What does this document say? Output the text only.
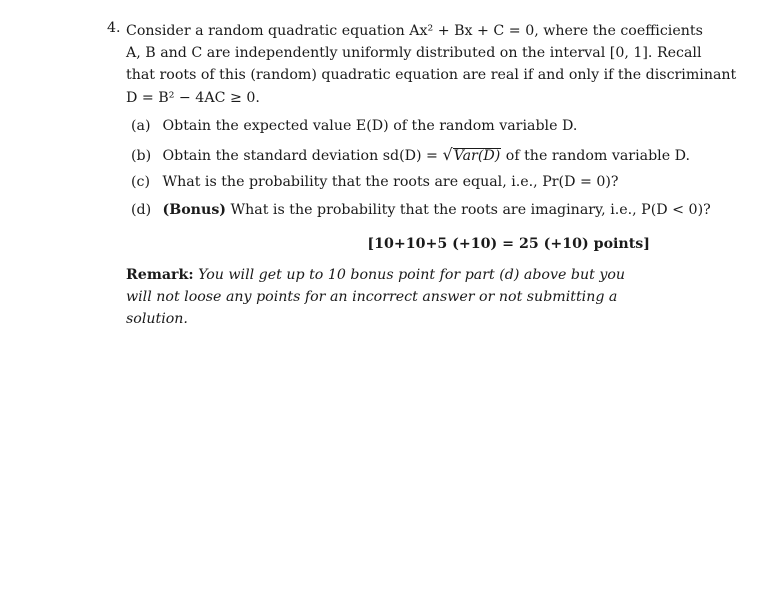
4. Consider a random quadratic equation Ax² + Bx + C = 0, where the coefficients
A, B and C are independently uniformly distributed on the interval [0, 1]. Recall
that roots of this (random) quadratic equation are real if and only if the discriminant
D = B² − 4AC ≥ 0.
(a) Obtain the expected value E(D) of the random variable D.
(b) Obtain the standard deviation sd(D) = √Var(D) of the random variable D.
(c) What is the probability that the roots are equal, i.e., Pr(D = 0)?
(d) (Bonus) What is the probability that the roots are imaginary, i.e., P(D < 0)?
[10+10+5 (+10) = 25 (+10) points]
Remark: You will get up to 10 bonus point for part (d) above but you will not loose any points for an incorrect answer or not submitting a solution.
